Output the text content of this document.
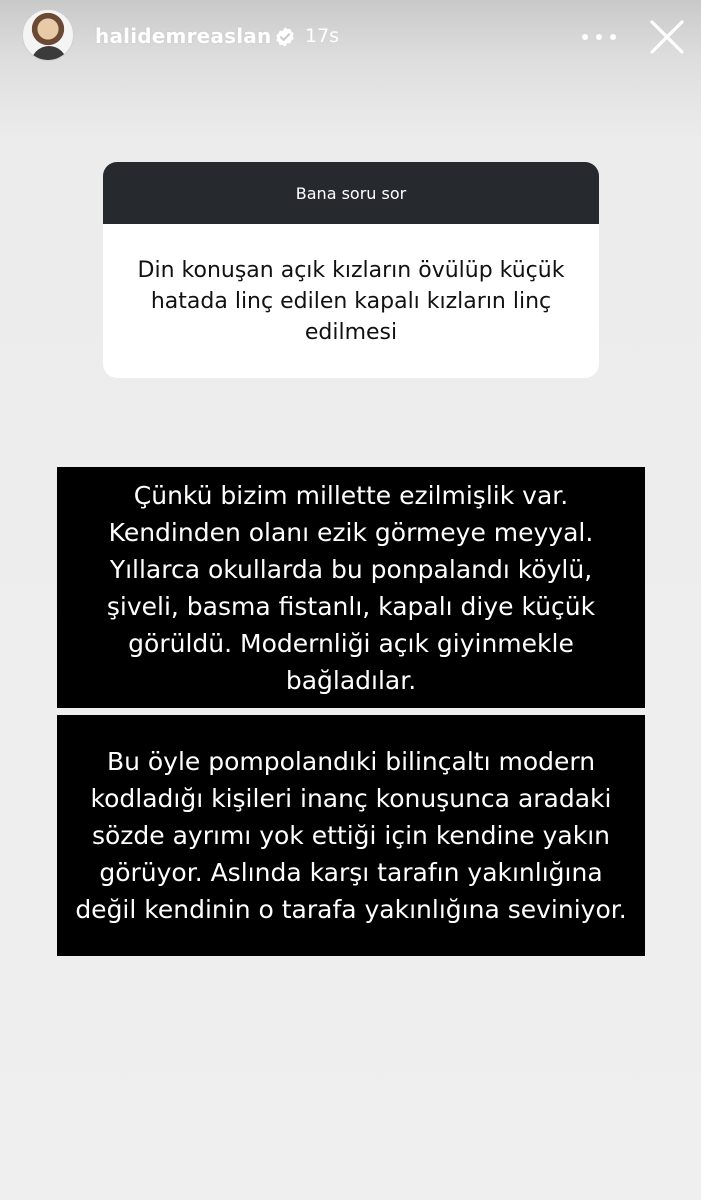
halidemreaslan 17s
Bana soru sor
Din konuşan açık kızların övülüp küçük hatada linç edilen kapalı kızların linç edilmesi
Çünkü bizim millette ezilmişlik var. Kendinden olanı ezik görmeye meyyal. Yıllarca okullarda bu ponpalandı köylü, şiveli, basma fistanlı, kapalı diye küçük görüldü. Modernliği açık giyinmekle bağladılar.
Bu öyle pompolandıki bilinçaltı modern kodladığı kişileri inanç konuşunca aradaki sözde ayrımı yok ettiği için kendine yakın görüyor. Aslında karşı tarafın yakınlığına değil kendinin o tarafa yakınlığına seviniyor.
